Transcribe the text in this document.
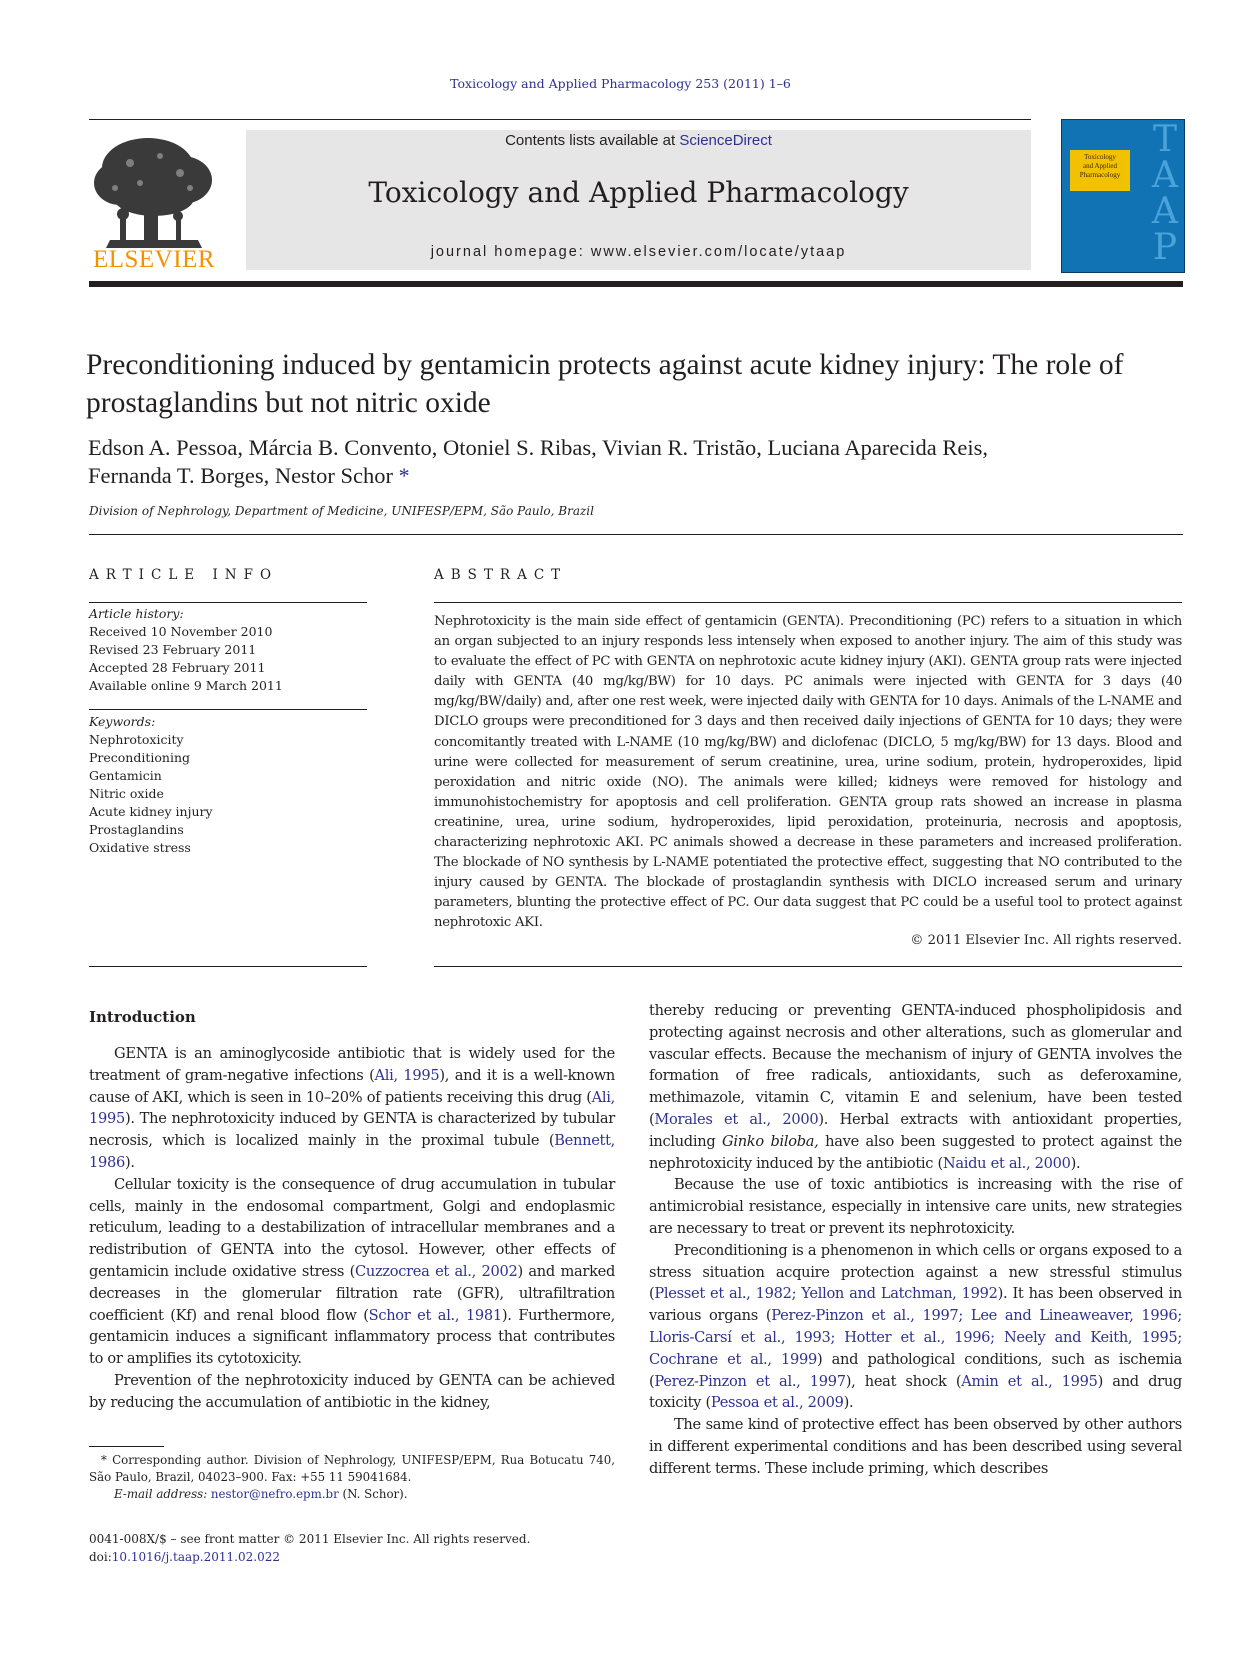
Toxicology and Applied Pharmacology 253 (2011) 1–6
ELSEVIER
Contents lists available at ScienceDirect
Toxicology and Applied Pharmacology
journal homepage: www.elsevier.com/locate/ytaap
TAAP
Toxicology
and Applied
Pharmacology
Preconditioning induced by gentamicin protects against acute kidney injury: The role of prostaglandins but not nitric oxide
Edson A. Pessoa, Márcia B. Convento, Otoniel S. Ribas, Vivian R. Tristão, Luciana Aparecida Reis,
Fernanda T. Borges, Nestor Schor *
Division of Nephrology, Department of Medicine, UNIFESP/EPM, São Paulo, Brazil
ARTICLE INFO
Article history:
Received 10 November 2010
Revised 23 February 2011
Accepted 28 February 2011
Available online 9 March 2011
Keywords:
Nephrotoxicity
Preconditioning
Gentamicin
Nitric oxide
Acute kidney injury
Prostaglandins
Oxidative stress
ABSTRACT
Nephrotoxicity is the main side effect of gentamicin (GENTA). Preconditioning (PC) refers to a situation in which an organ subjected to an injury responds less intensely when exposed to another injury. The aim of this study was to evaluate the effect of PC with GENTA on nephrotoxic acute kidney injury (AKI). GENTA group rats were injected daily with GENTA (40 mg/kg/BW) for 10 days. PC animals were injected with GENTA for 3 days (40 mg/kg/BW/daily) and, after one rest week, were injected daily with GENTA for 10 days. Animals of the L-NAME and DICLO groups were preconditioned for 3 days and then received daily injections of GENTA for 10 days; they were concomitantly treated with L-NAME (10 mg/kg/BW) and diclofenac (DICLO, 5 mg/kg/BW) for 13 days. Blood and urine were collected for measurement of serum creatinine, urea, urine sodium, protein, hydroperoxides, lipid peroxidation and nitric oxide (NO). The animals were killed; kidneys were removed for histology and immunohistochemistry for apoptosis and cell proliferation. GENTA group rats showed an increase in plasma creatinine, urea, urine sodium, hydroperoxides, lipid peroxidation, proteinuria, necrosis and apoptosis, characterizing nephrotoxic AKI. PC animals showed a decrease in these parameters and increased proliferation. The blockade of NO synthesis by L-NAME potentiated the protective effect, suggesting that NO contributed to the injury caused by GENTA. The blockade of prostaglandin synthesis with DICLO increased serum and urinary parameters, blunting the protective effect of PC. Our data suggest that PC could be a useful tool to protect against nephrotoxic AKI.
© 2011 Elsevier Inc. All rights reserved.
Introduction

GENTA is an aminoglycoside antibiotic that is widely used for the treatment of gram-negative infections (Ali, 1995), and it is a well-known cause of AKI, which is seen in 10–20% of patients receiving this drug (Ali, 1995). The nephrotoxicity induced by GENTA is characterized by tubular necrosis, which is localized mainly in the proximal tubule (Bennett, 1986).

Cellular toxicity is the consequence of drug accumulation in tubular cells, mainly in the endosomal compartment, Golgi and endoplasmic reticulum, leading to a destabilization of intracellular membranes and a redistribution of GENTA into the cytosol. However, other effects of gentamicin include oxidative stress (Cuzzocrea et al., 2002) and marked decreases in the glomerular filtration rate (GFR), ultrafiltration coefficient (Kf) and renal blood flow (Schor et al., 1981). Furthermore, gentamicin induces a significant inflammatory process that contributes to or amplifies its cytotoxicity.

Prevention of the nephrotoxicity induced by GENTA can be achieved by reducing the accumulation of antibiotic in the kidney,

thereby reducing or preventing GENTA-induced phospholipidosis and protecting against necrosis and other alterations, such as glomerular and vascular effects. Because the mechanism of injury of GENTA involves the formation of free radicals, antioxidants, such as deferoxamine, methimazole, vitamin C, vitamin E and selenium, have been tested (Morales et al., 2000). Herbal extracts with antioxidant properties, including Ginko biloba, have also been suggested to protect against the nephrotoxicity induced by the antibiotic (Naidu et al., 2000).

Because the use of toxic antibiotics is increasing with the rise of antimicrobial resistance, especially in intensive care units, new strategies are necessary to treat or prevent its nephrotoxicity.

Preconditioning is a phenomenon in which cells or organs exposed to a stress situation acquire protection against a new stressful stimulus (Plesset et al., 1982; Yellon and Latchman, 1992). It has been observed in various organs (Perez-Pinzon et al., 1997; Lee and Lineaweaver, 1996; Lloris-Carsí et al., 1993; Hotter et al., 1996; Neely and Keith, 1995; Cochrane et al., 1999) and pathological conditions, such as ischemia (Perez-Pinzon et al., 1997), heat shock (Amin et al., 1995) and drug toxicity (Pessoa et al., 2009).

The same kind of protective effect has been observed by other authors in different experimental conditions and has been described using several different terms. These include priming, which describes

* Corresponding author. Division of Nephrology, UNIFESP/EPM, Rua Botucatu 740, São Paulo, Brazil, 04023–900. Fax: +55 11 59041684.
E-mail address: nestor@nefro.epm.br (N. Schor).
0041-008X/$ – see front matter © 2011 Elsevier Inc. All rights reserved.
doi:10.1016/j.taap.2011.02.022
